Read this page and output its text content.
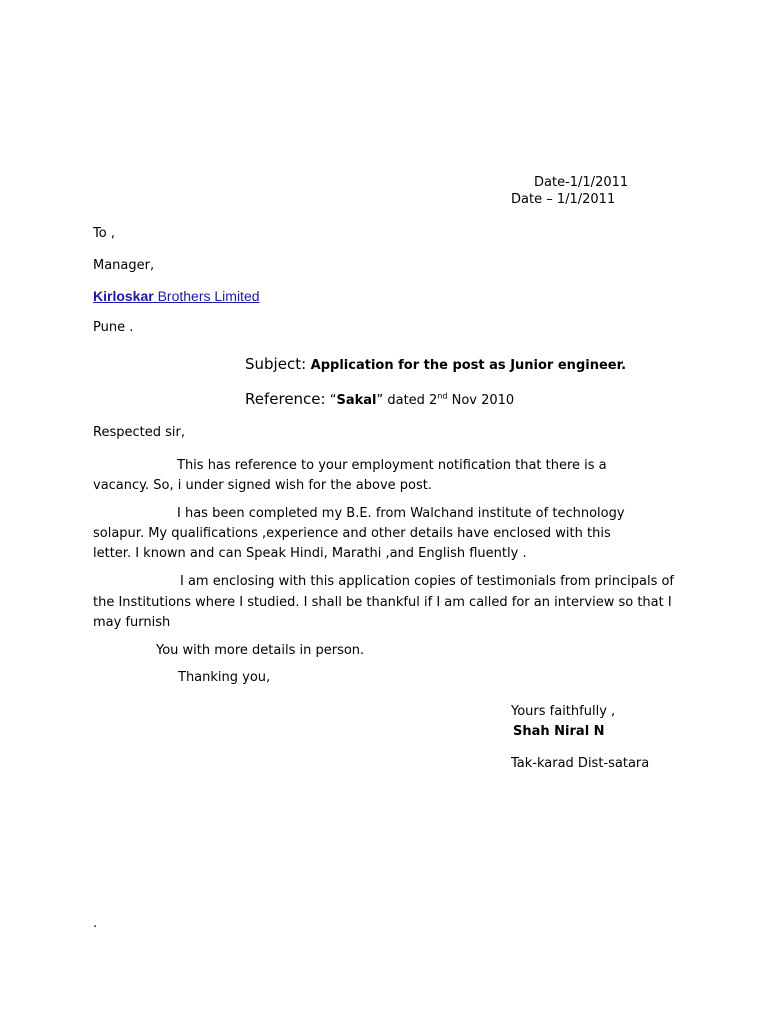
Date-1/1/2011
Date – 1/1/2011
To ,
Manager,
Kirloskar Brothers Limited
Pune .
Subject: Application for the post as Junior engineer.
Reference: “Sakal” dated 2nd Nov 2010
Respected sir,
This has reference to your employment notification that there is a
vacancy. So, i under signed wish for the above post.
I has been completed my B.E. from Walchand institute of technology
solapur. My qualifications ,experience and other details have enclosed with this
letter. I known and can Speak Hindi, Marathi ,and English fluently .
I am enclosing with this application copies of testimonials from principals of
the Institutions where I studied. I shall be thankful if I am called for an interview so that I
may furnish
You with more details in person.
Thanking you,
Yours faithfully ,
Shah Niral N
Tak-karad Dist-satara
.
